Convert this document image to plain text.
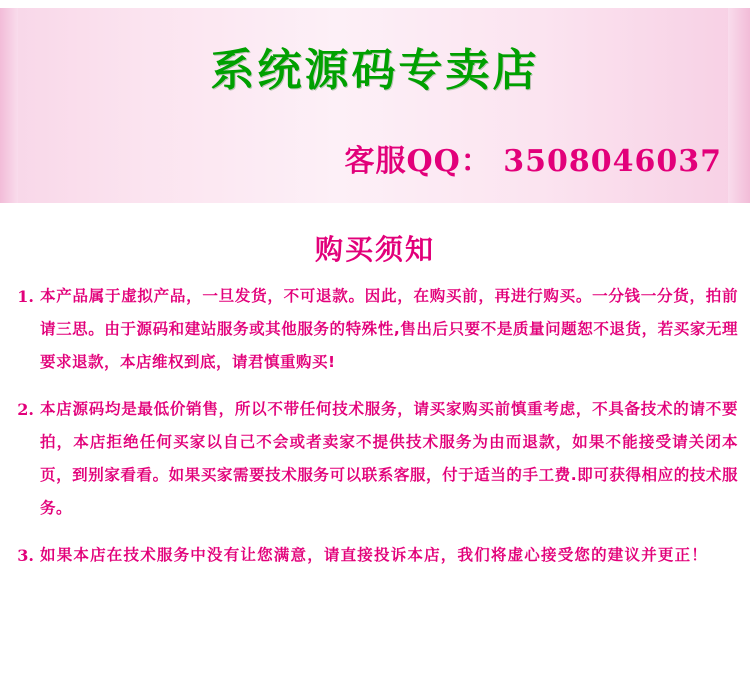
系统源码专卖店
客服QQ： 3508046037
购买须知
1. 本产品属于虚拟产品，一旦发货，不可退款。因此，在购买前，再进行购买。一分钱一分货，拍前请三思。由于源码和建站服务或其他服务的特殊性,售出后只要不是质量问题恕不退货，若买家无理要求退款，本店维权到底，请君慎重购买!
2. 本店源码均是最低价销售，所以不带任何技术服务，请买家购买前慎重考虑，不具备技术的请不要拍，本店拒绝任何买家以自己不会或者卖家不提供技术服务为由而退款，如果不能接受请关闭本页，到别家看看。如果买家需要技术服务可以联系客服，付于适当的手工费.即可获得相应的技术服务。
3. 如果本店在技术服务中没有让您满意，请直接投诉本店，我们将虚心接受您的建议并更正！
